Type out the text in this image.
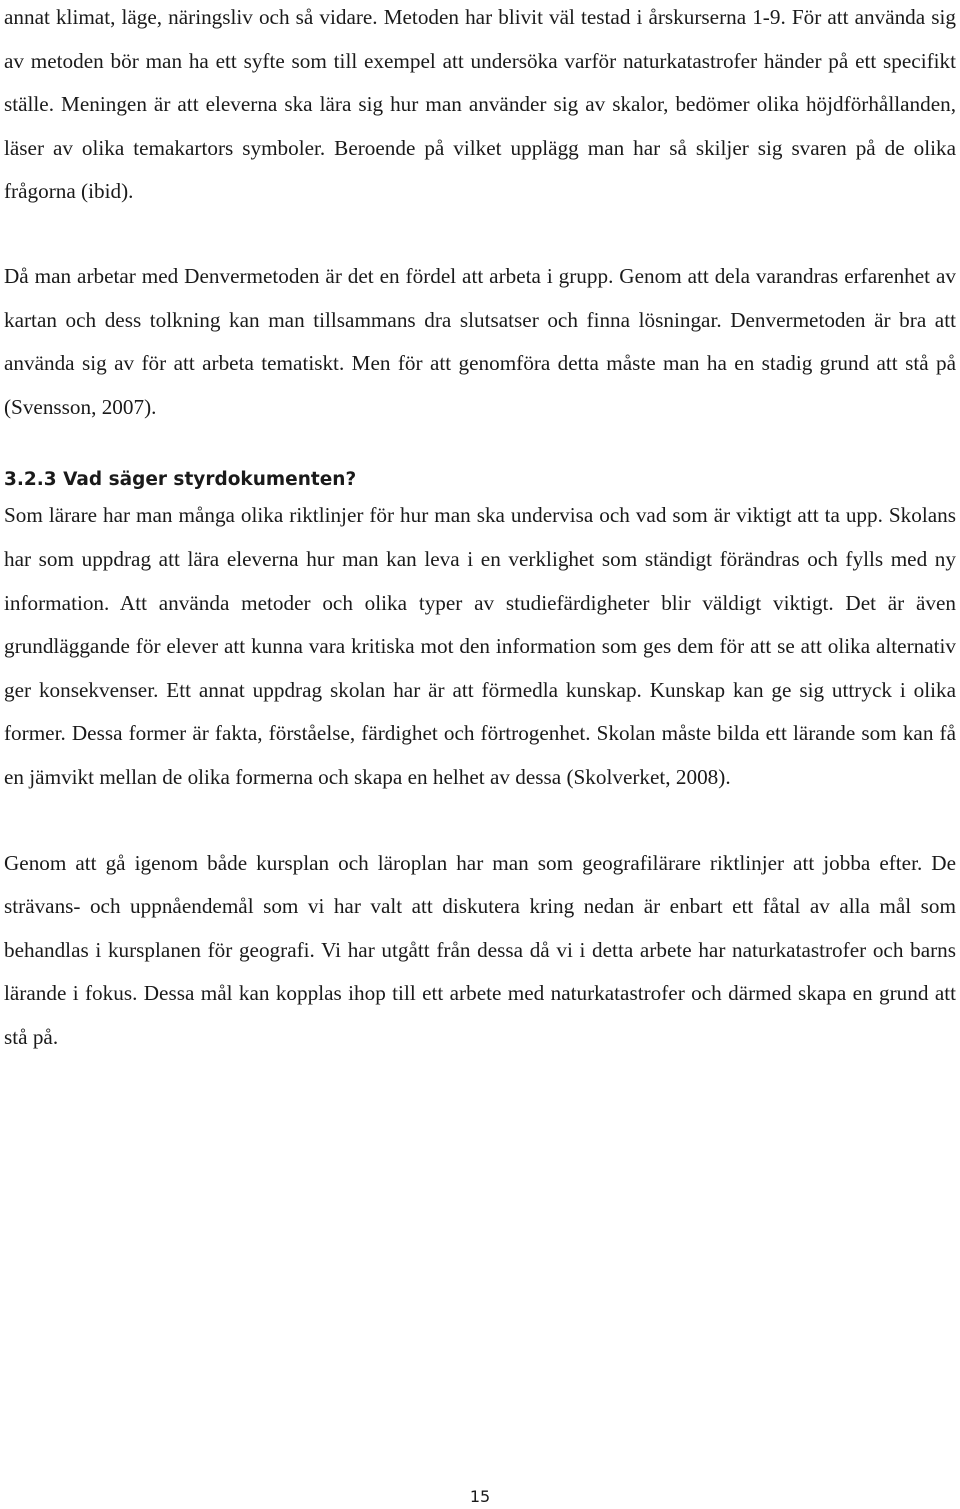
annat klimat, läge, näringsliv och så vidare. Metoden har blivit väl testad i årskurserna 1-9. För att använda sig av metoden bör man ha ett syfte som till exempel att undersöka varför naturkatastrofer händer på ett specifikt ställe. Meningen är att eleverna ska lära sig hur man använder sig av skalor, bedömer olika höjdförhållanden, läser av olika temakartors symboler. Beroende på vilket upplägg man har så skiljer sig svaren på de olika frågorna (ibid).

Då man arbetar med Denvermetoden är det en fördel att arbeta i grupp. Genom att dela varandras erfarenhet av kartan och dess tolkning kan man tillsammans dra slutsatser och finna lösningar. Denvermetoden är bra att använda sig av för att arbeta tematiskt. Men för att genomföra detta måste man ha en stadig grund att stå på (Svensson, 2007).

3.2.3 Vad säger styrdokumenten?

Som lärare har man många olika riktlinjer för hur man ska undervisa och vad som är viktigt att ta upp. Skolans har som uppdrag att lära eleverna hur man kan leva i en verklighet som ständigt förändras och fylls med ny information. Att använda metoder och olika typer av studiefärdigheter blir väldigt viktigt. Det är även grundläggande för elever att kunna vara kritiska mot den information som ges dem för att se att olika alternativ ger konsekvenser. Ett annat uppdrag skolan har är att förmedla kunskap. Kunskap kan ge sig uttryck i olika former. Dessa former är fakta, förståelse, färdighet och förtrogenhet. Skolan måste bilda ett lärande som kan få en jämvikt mellan de olika formerna och skapa en helhet av dessa (Skolverket, 2008).

Genom att gå igenom både kursplan och läroplan har man som geografilärare riktlinjer att jobba efter. De strävans- och uppnåendemål som vi har valt att diskutera kring nedan är enbart ett fåtal av alla mål som behandlas i kursplanen för geografi. Vi har utgått från dessa då vi i detta arbete har naturkatastrofer och barns lärande i fokus. Dessa mål kan kopplas ihop till ett arbete med naturkatastrofer och därmed skapa en grund att stå på.

15
